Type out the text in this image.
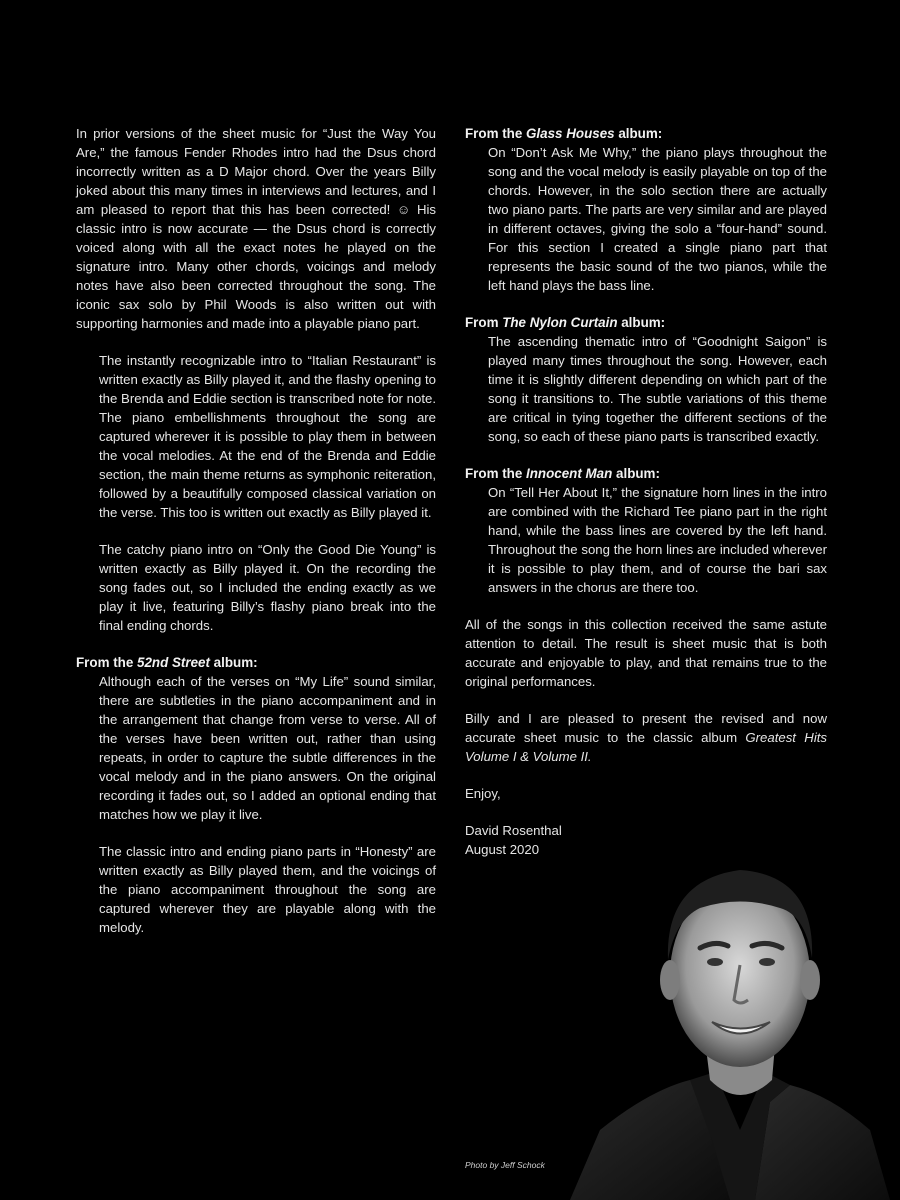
In prior versions of the sheet music for “Just the Way You Are,” the famous Fender Rhodes intro had the Dsus chord incorrectly written as a D Major chord. Over the years Billy joked about this many times in interviews and lectures, and I am pleased to report that this has been corrected! ☺ His classic intro is now accurate — the Dsus chord is correctly voiced along with all the exact notes he played on the signature intro. Many other chords, voicings and melody notes have also been corrected throughout the song. The iconic sax solo by Phil Woods is also written out with supporting harmonies and made into a playable piano part.

The instantly recognizable intro to “Italian Restaurant” is written exactly as Billy played it, and the flashy opening to the Brenda and Eddie section is transcribed note for note. The piano embellishments throughout the song are captured wherever it is possible to play them in between the vocal melodies. At the end of the Brenda and Eddie section, the main theme returns as symphonic reiteration, followed by a beautifully composed classical variation on the verse. This too is written out exactly as Billy played it.

The catchy piano intro on “Only the Good Die Young” is written exactly as Billy played it. On the recording the song fades out, so I included the ending exactly as we play it live, featuring Billy’s flashy piano break into the final ending chords.

From the 52nd Street album:

Although each of the verses on “My Life” sound similar, there are subtleties in the piano accompaniment and in the arrangement that change from verse to verse. All of the verses have been written out, rather than using repeats, in order to capture the subtle differences in the vocal melody and in the piano answers. On the original recording it fades out, so I added an optional ending that matches how we play it live.

The classic intro and ending piano parts in “Honesty” are written exactly as Billy played them, and the voicings of the piano accompaniment throughout the song are captured wherever they are playable along with the melody.

From the Glass Houses album:

On “Don’t Ask Me Why,” the piano plays throughout the song and the vocal melody is easily playable on top of the chords. However, in the solo section there are actually two piano parts. The parts are very similar and are played in different octaves, giving the solo a “four-hand” sound. For this section I created a single piano part that represents the basic sound of the two pianos, while the left hand plays the bass line.

From The Nylon Curtain album:

The ascending thematic intro of “Goodnight Saigon” is played many times throughout the song. However, each time it is slightly different depending on which part of the song it transitions to. The subtle variations of this theme are critical in tying together the different sections of the song, so each of these piano parts is transcribed exactly.

From the Innocent Man album:

On “Tell Her About It,” the signature horn lines in the intro are combined with the Richard Tee piano part in the right hand, while the bass lines are covered by the left hand. Throughout the song the horn lines are included wherever it is possible to play them, and of course the bari sax answers in the chorus are there too.

All of the songs in this collection received the same astute attention to detail. The result is sheet music that is both accurate and enjoyable to play, and that remains true to the original performances.

Billy and I are pleased to present the revised and now accurate sheet music to the classic album Greatest Hits Volume I & Volume II.

Enjoy,

David Rosenthal
August 2020
Photo by Jeff Schock
